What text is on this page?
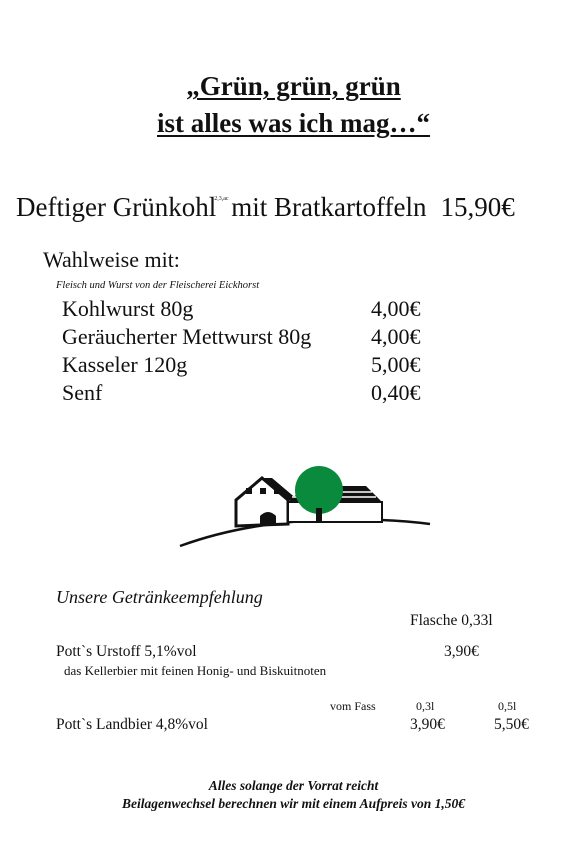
„Grün, grün, grün
ist alles was ich mag…“
Deftiger Grünkohl$^{2,3,ac}$ mit Bratkartoffeln 15,90€
Wahlweise mit:
Fleisch und Wurst von der Fleischerei Eickhorst
Kohlwurst 80g	4,00€
Geräucherter Mettwurst 80g	4,00€
Kasseler 120g	5,00€
Senf	0,40€
Unsere Getränkeempfehlung
Flasche 0,33l
Pott`s Urstoff 5,1%vol	3,90€
das Kellerbier mit feinen Honig- und Biskuitnoten
vom Fass	0,3l	0,5l
Pott`s Landbier 4,8%vol	3,90€	5,50€
Alles solange der Vorrat reicht
Beilagenwechsel berechnen wir mit einem Aufpreis von 1,50€
